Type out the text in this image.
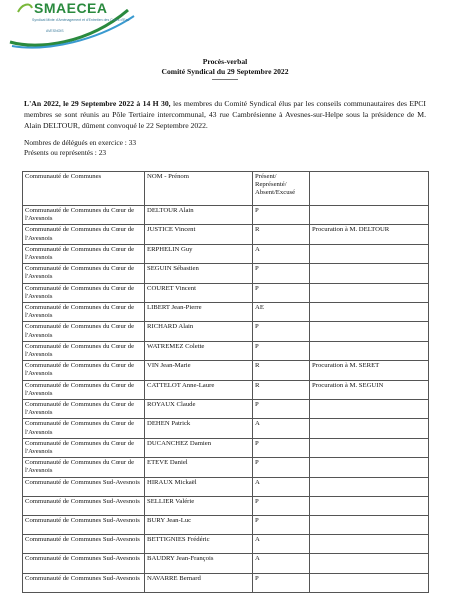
SMAECEA
Syndicat Mixte d'Aménagement et d'Entretien des Cours d'Eau
AVESNOIS
Procès-verbal
Comité Syndical du 29 Septembre 2022

L'An 2022, le 29 Septembre 2022 à 14 H 30, les membres du Comité Syndical élus par les conseils communautaires des EPCI membres se sont réunis au Pôle Tertiaire intercommunal, 43 rue Cambrésienne à Avesnes-sur-Helpe sous la présidence de M. Alain DELTOUR, dûment convoqué le 22 Septembre 2022.

Nombres de délégués en exercice : 33
Présents ou représentés : 23
Communauté de Communes	NOM - Prénom	Présent/ Représenté/ Absent/Excusé	
Communauté de Communes du Cœur de l'Avesnois	DELTOUR Alain	P	
Communauté de Communes du Cœur de l'Avesnois	JUSTICE Vincent	R	Procuration à M. DELTOUR
Communauté de Communes du Cœur de l'Avesnois	ERPHELIN Guy	A	
Communauté de Communes du Cœur de l'Avesnois	SEGUIN Sébastien	P	
Communauté de Communes du Cœur de l'Avesnois	COURET Vincent	P	
Communauté de Communes du Cœur de l'Avesnois	LIBERT Jean-Pierre	AE	
Communauté de Communes du Cœur de l'Avesnois	RICHARD Alain	P	
Communauté de Communes du Cœur de l'Avesnois	WATREMEZ Colette	P	
Communauté de Communes du Cœur de l'Avesnois	VIN Jean-Marie	R	Procuration à M. SERET
Communauté de Communes du Cœur de l'Avesnois	CATTELOT Anne-Laure	R	Procuration à M. SEGUIN
Communauté de Communes du Cœur de l'Avesnois	ROYAUX Claude	P	
Communauté de Communes du Cœur de l'Avesnois	DEHEN Patrick	A	
Communauté de Communes du Cœur de l'Avesnois	DUCANCHEZ Damien	P	
Communauté de Communes du Cœur de l'Avesnois	ETEVE Daniel	P	
Communauté de Communes Sud-Avesnois	HIRAUX Mickaël	A	
Communauté de Communes Sud-Avesnois	SELLIER Valérie	P	
Communauté de Communes Sud-Avesnois	BURY Jean-Luc	P	
Communauté de Communes Sud-Avesnois	BETTIGNIES Frédéric	A	
Communauté de Communes Sud-Avesnois	BAUDRY Jean-François	A	
Communauté de Communes Sud-Avesnois	NAVARRE Bernard	P	
